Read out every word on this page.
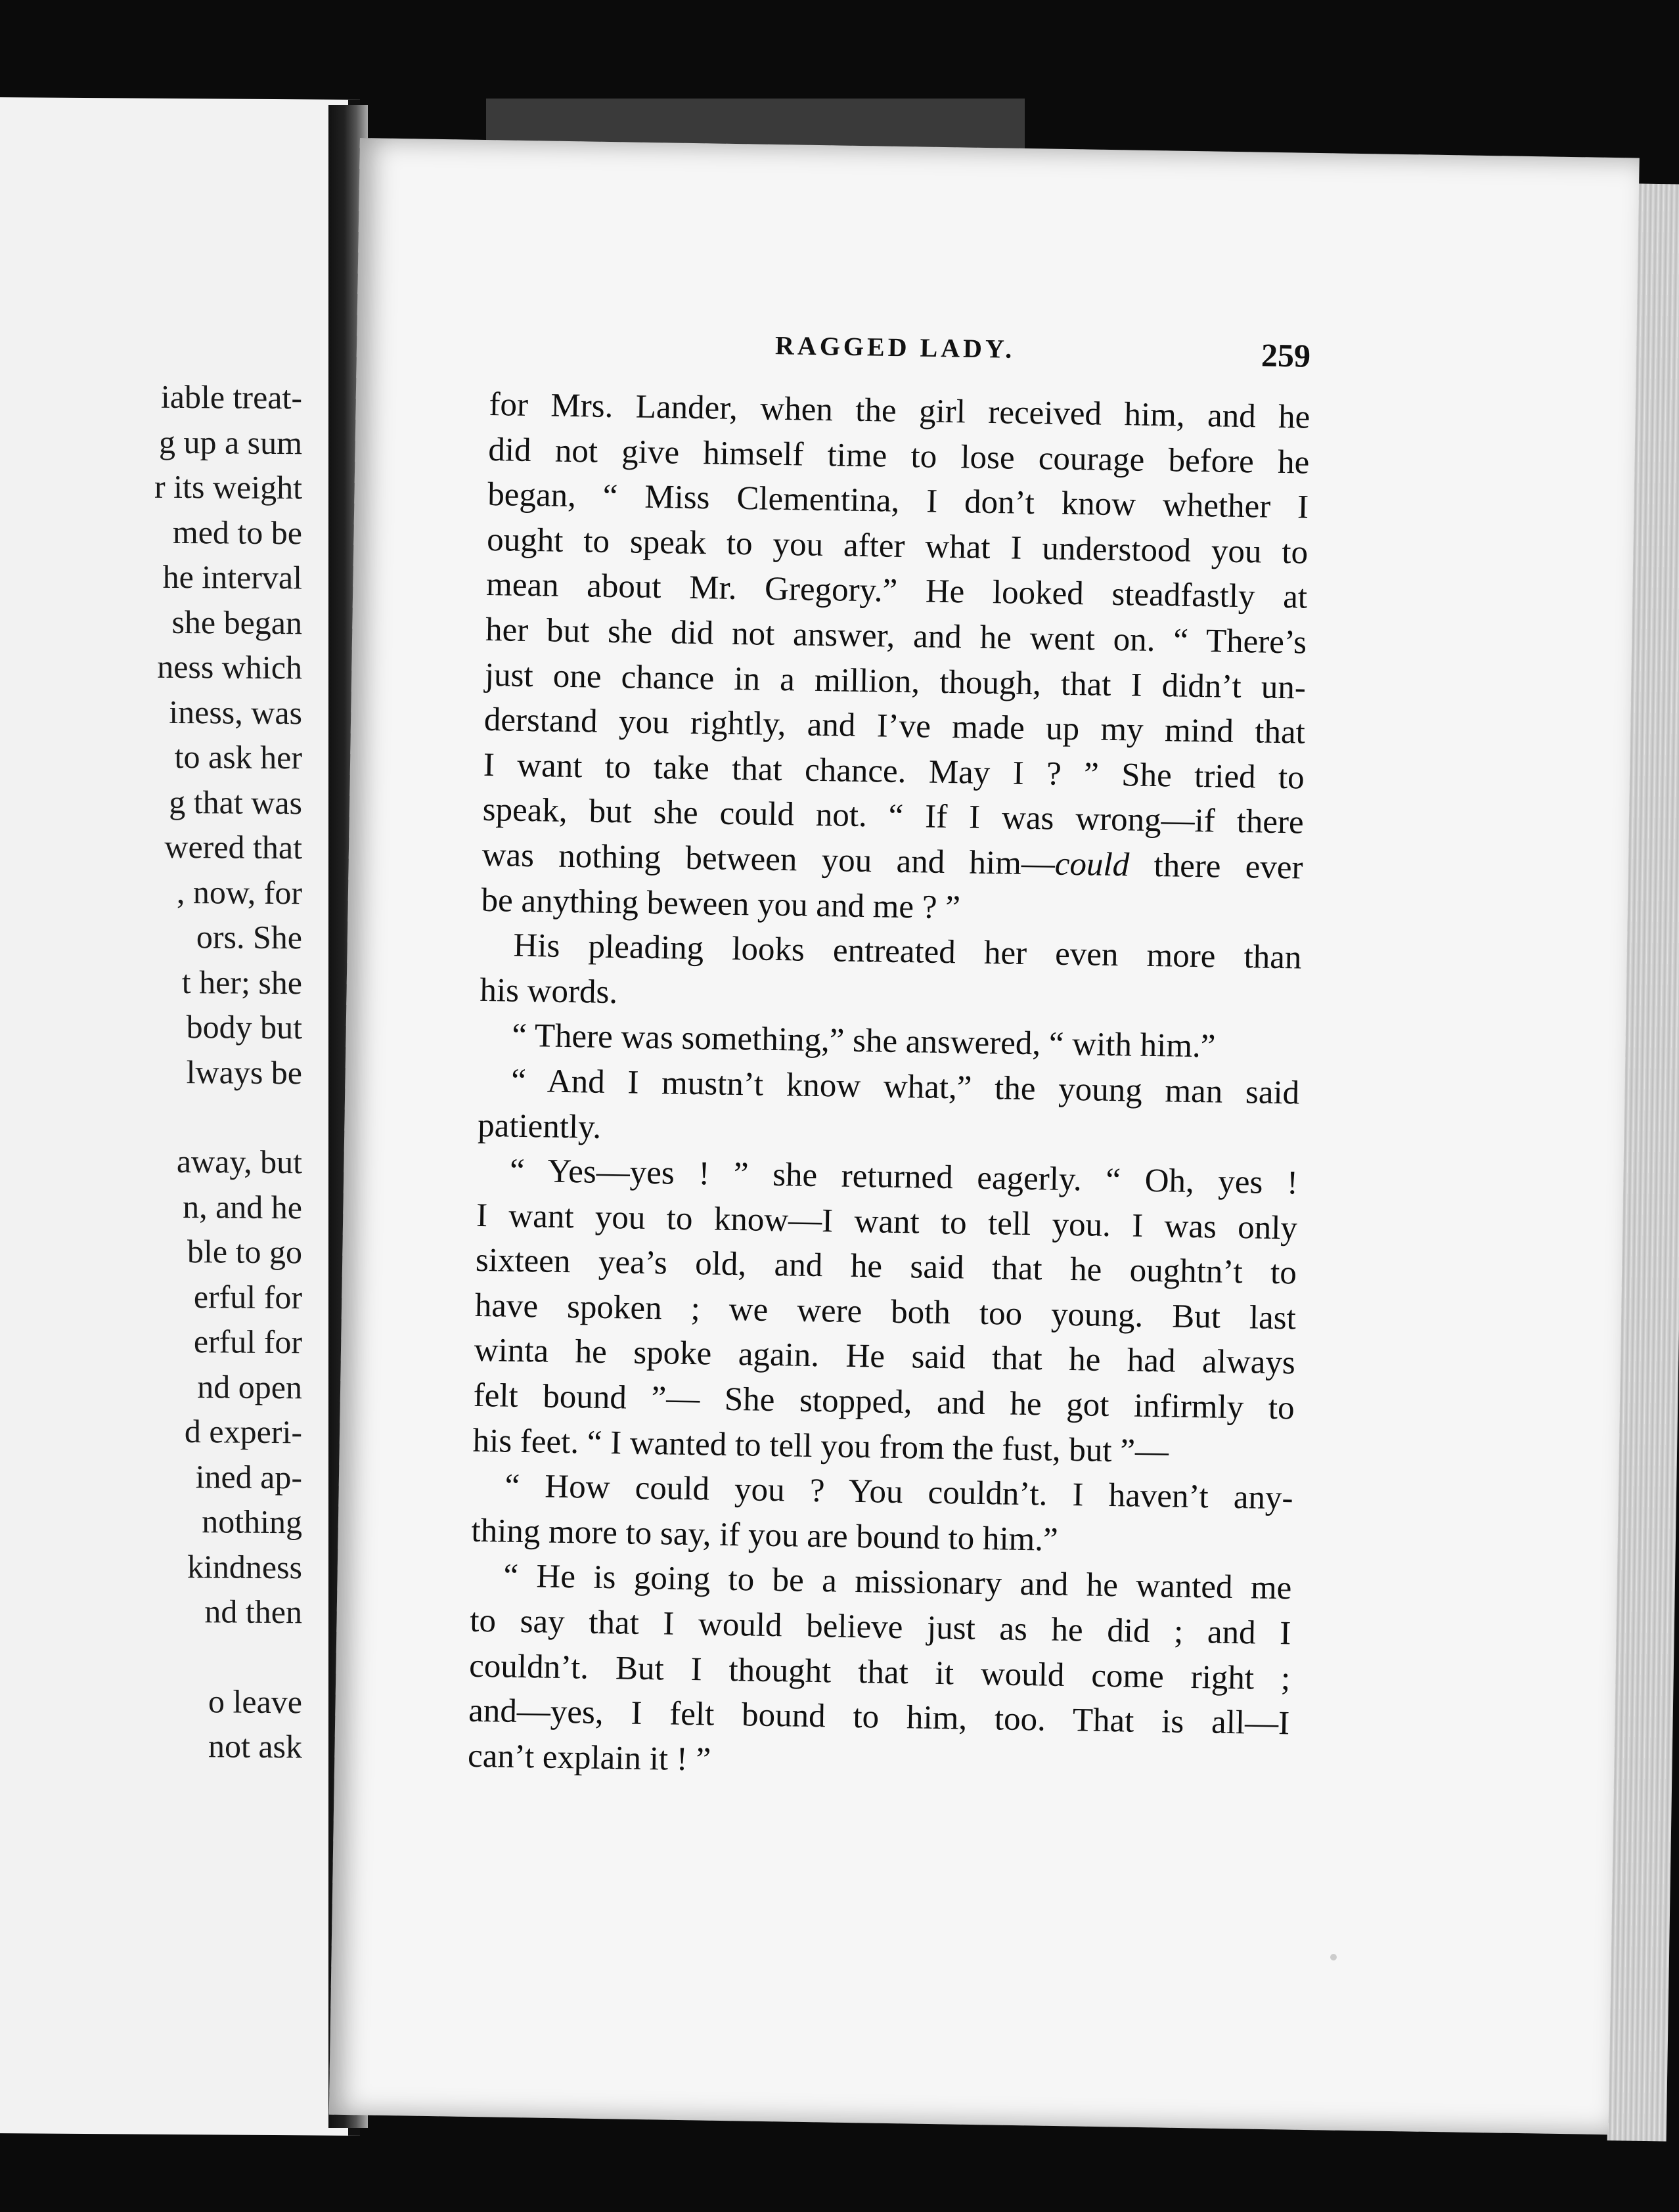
iable treat-
g up a sum
r its weight
med to be
he interval
she began
ness which
iness, was
to ask her
g that was
wered that
, now, for
ors. She
t her; she
body but
lways be
away, but
n, and he
ble to go
erful for
erful for
nd open
d experi-
ined ap-
nothing
kindness
nd then
o leave
not ask
RAGGED LADY.	259
for Mrs. Lander, when the girl received him, and he
did not give himself time to lose courage before he
began, “ Miss Clementina, I don’t know whether I
ought to speak to you after what I understood you to
mean about Mr. Gregory.” He looked steadfastly at
her but she did not answer, and he went on. “ There’s
just one chance in a million, though, that I didn’t un-
derstand you rightly, and I’ve made up my mind that
I want to take that chance. May I ? ” She tried to
speak, but she could not. “ If I was wrong—if there
was nothing between you and him—could there ever
be anything beween you and me ? ”
His pleading looks entreated her even more than
his words.
“ There was something,” she answered, “ with him.”
“ And I mustn’t know what,” the young man said
patiently.
“ Yes—yes ! ” she returned eagerly. “ Oh, yes !
I want you to know—I want to tell you. I was only
sixteen yea’s old, and he said that he oughtn’t to
have spoken ; we were both too young. But last
winta he spoke again. He said that he had always
felt bound ”— She stopped, and he got infirmly to
his feet. “ I wanted to tell you from the fust, but ”—
“ How could you ? You couldn’t. I haven’t any-
thing more to say, if you are bound to him.”
“ He is going to be a missionary and he wanted me
to say that I would believe just as he did ; and I
couldn’t. But I thought that it would come right ;
and—yes, I felt bound to him, too. That is all—I
can’t explain it ! ”
